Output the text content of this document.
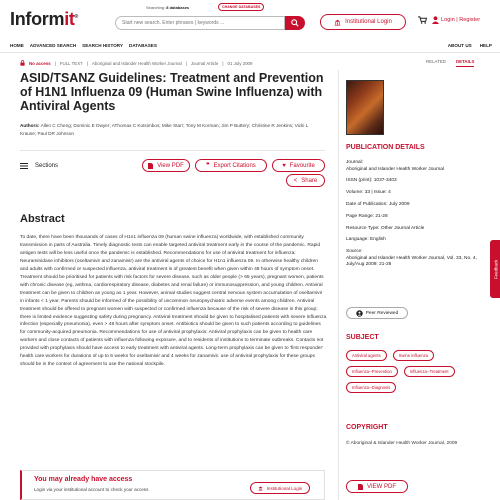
Informit®
Searching: 8 databases	CHANGE DATABASES
Start new search. Enter phrases | keywords ...
Institutional Login	Login | Register
HOME ADVANCED SEARCH SEARCH HISTORY DATABASES	ABOUT US HELP
No access | FULL TEXT | Aboriginal and Islander Health Worker Journal | Journal Article | 01 July 2009	RELATED DETAILS
ASID/TSANZ Guidelines: Treatment and Prevention of H1N1 Influenza 09 (Human Swine Influenza) with Antiviral Agents
Authors: Allen C Cheng; Dominic E Dwyer; AThomas C Kotsimbos; Mike Starr; Tony M Korman; Jim P Buttery; Christine R Jenkins; Vicki L Krause; Paul DR Johnson
Sections	View PDF	❞ Export Citations	♥ Favourite
< Share
Abstract

To date, there have been thousands of cases of H1n1 influenza 09 (human swine influenza) worldwide, with established community transmission in parts of Australia. Timely diagnostic tests can enable targeted antiviral treatment early in the course of the pandemic. Rapid antigen tests will be less useful once the pandemic is established. Recommendations for use of antiviral treatment for influenza: Neuraminidase inhibitors (oseltamivir and zanamivir) are the antiviral agents of choice for H1n1 influenza 09. In otherwise healthy children and adults with confirmed or suspected influenza, antiviral treatment is of greatest benefit when given within 48 hours of symptom onset. Treatment should be prioritised for patients with risk factors for severe disease, such as older people (> 65 years), pregnant women, patients with chronic disease (eg, asthma, cardiorespiratory disease, diabetes and renal failure) or immunosuppression, and young children. Antiviral treatment can be given to children as young as 1 year. However, animal studies suggest central nervous system accumulation of oseltamivir in infants < 1 year. Parents should be informed of the possibility of uncommon neuropsychiatric adverse events among children. Antiviral treatment should be offered to pregnant women with suspected or confirmed influenza because of the risk of severe disease in this group; there is limited evidence suggesting safety during pregnancy. Antiviral treatment should be given to hospitalised patients with severe influenza infection (especially pneumonia), even > 48 hours after symptom onset. Antibiotics should be given to such patients according to guidelines for community-acquired pneumonia. Recommendations for use of antiviral prophylaxis: Antiviral prophylaxis can be given to health care workers and close contacts of patients with influenza following exposure, and to residents of institutions to terminate outbreaks. Contacts not provided with prophylaxis should have access to early treatment with antiviral agents. Long-term prophylaxis can be given to 'first responder' health care workers for durations of up to 6 weeks for oseltamivir and 4 weeks for zanamivir. use of antiviral prophylaxis for these groups should be in the context of agreement to use the national stockpile.

You may already have access

Login via your institutional account to check your access	Institutional Login
PUBLICATION DETAILS
Journal:
Aboriginal and Islander Health Worker Journal
ISSN (print): 1037-3403
Volume: 33 | Issue: 4
Date of Publication: July 2009
Page Range: 21-28
Resource Type: Other Journal Article
Language: English
Source:
Aboriginal and Islander Health Worker Journal, Vol. 33, No. 4, July/Aug 2009: 21-28
Peer Reviewed
SUBJECT
Antiviral agents	Swine influenza
Influenza--Prevention	Influenza--Treatment
Influenza--Diagnosis
COPYRIGHT
© Aboriginal & Islander Health Worker Journal, 2009
VIEW PDF
Feedback
